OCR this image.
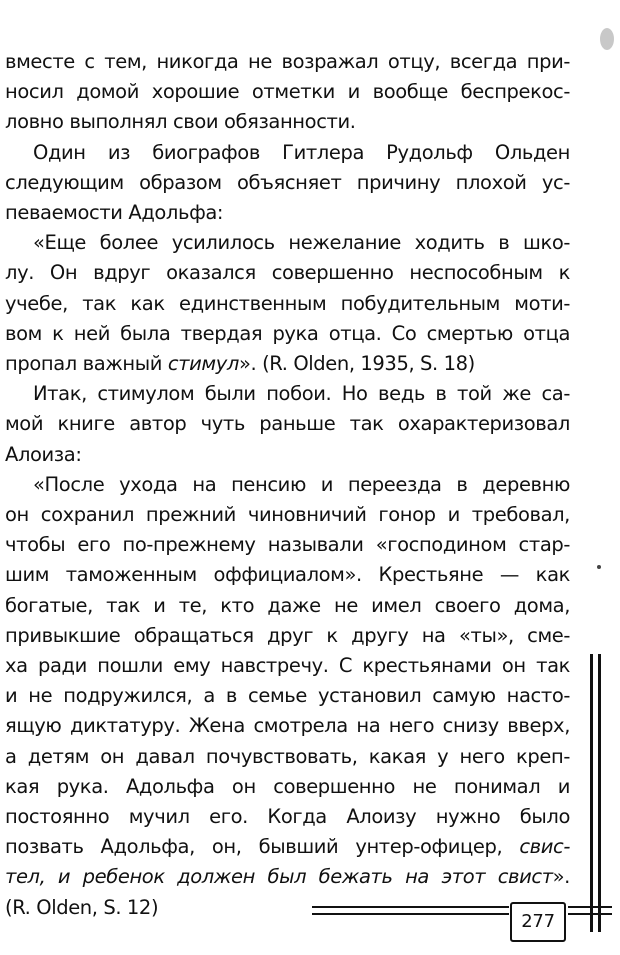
вместе с тем, никогда не возражал отцу, всегда при-
носил домой хорошие отметки и вообще беспрекос-
ловно выполнял свои обязанности.
Один из биографов Гитлера Рудольф Ольден
следующим образом объясняет причину плохой ус-
певаемости Адольфа:
«Еще более усилилось нежелание ходить в шко-
лу. Он вдруг оказался совершенно неспособным к
учебе, так как единственным побудительным моти-
вом к ней была твердая рука отца. Со смертью отца
пропал важный стимул». (R. Olden, 1935, S. 18)
Итак, стимулом были побои. Но ведь в той же са-
мой книге автор чуть раньше так охарактеризовал
Алоиза:
«После ухода на пенсию и переезда в деревню
он сохранил прежний чиновничий гонор и требовал,
чтобы его по-прежнему называли «господином стар-
шим таможенным оффициалом». Крестьяне — как
богатые, так и те, кто даже не имел своего дома,
привыкшие обращаться друг к другу на «ты», сме-
ха ради пошли ему навстречу. С крестьянами он так
и не подружился, а в семье установил самую насто-
ящую диктатуру. Жена смотрела на него снизу вверх,
а детям он давал почувствовать, какая у него креп-
кая рука. Адольфа он совершенно не понимал и
постоянно мучил его. Когда Алоизу нужно было
позвать Адольфа, он, бывший унтер-офицер, свис-
тел, и ребенок должен был бежать на этот свист».
(R. Olden, S. 12)
277
